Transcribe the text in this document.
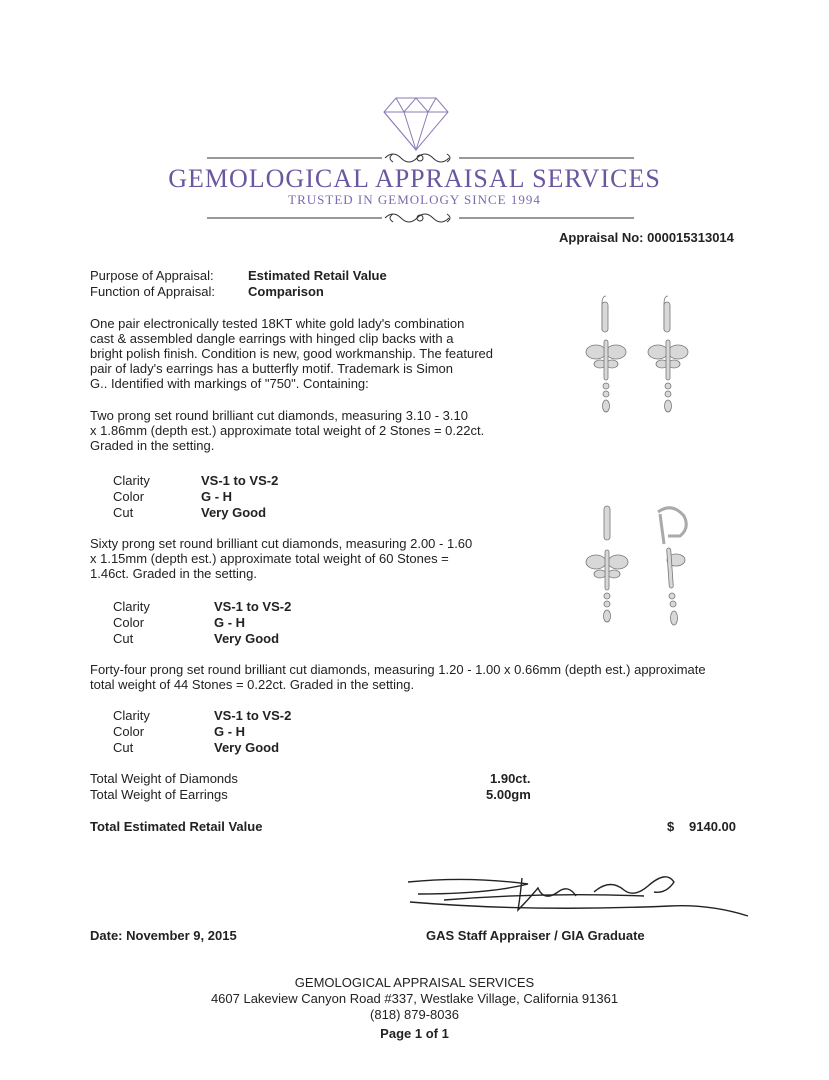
GEMOLOGICAL APPRAISAL SERVICES
TRUSTED IN GEMOLOGY SINCE 1994
Appraisal No: 000015313014
Purpose of Appraisal:	Estimated Retail Value
Function of Appraisal:	Comparison
One pair electronically tested 18KT white gold lady's combination
cast & assembled dangle earrings with hinged clip backs with a
bright polish finish. Condition is new, good workmanship. The featured
pair of lady's earrings has a butterfly motif. Trademark is Simon
G.. Identified with markings of "750". Containing:
Two prong set round brilliant cut diamonds, measuring 3.10 - 3.10
x 1.86mm (depth est.) approximate total weight of 2 Stones = 0.22ct.
Graded in the setting.
Clarity	VS-1 to VS-2
Color	G - H
Cut	Very Good
Sixty prong set round brilliant cut diamonds, measuring 2.00 - 1.60
x 1.15mm (depth est.) approximate total weight of 60 Stones =
1.46ct. Graded in the setting.
Clarity	VS-1 to VS-2
Color	G - H
Cut	Very Good
Forty-four prong set round brilliant cut diamonds, measuring 1.20 - 1.00 x 0.66mm (depth est.) approximate
total weight of 44 Stones = 0.22ct. Graded in the setting.
Clarity	VS-1 to VS-2
Color	G - H
Cut	Very Good
Total Weight of Diamonds	1.90ct.
Total Weight of Earrings	5.00gm
Total Estimated Retail Value	$ 9140.00
Date: November 9, 2015	GAS Staff Appraiser / GIA Graduate
GEMOLOGICAL APPRAISAL SERVICES
4607 Lakeview Canyon Road #337, Westlake Village, California 91361
(818) 879-8036
Page 1 of 1
